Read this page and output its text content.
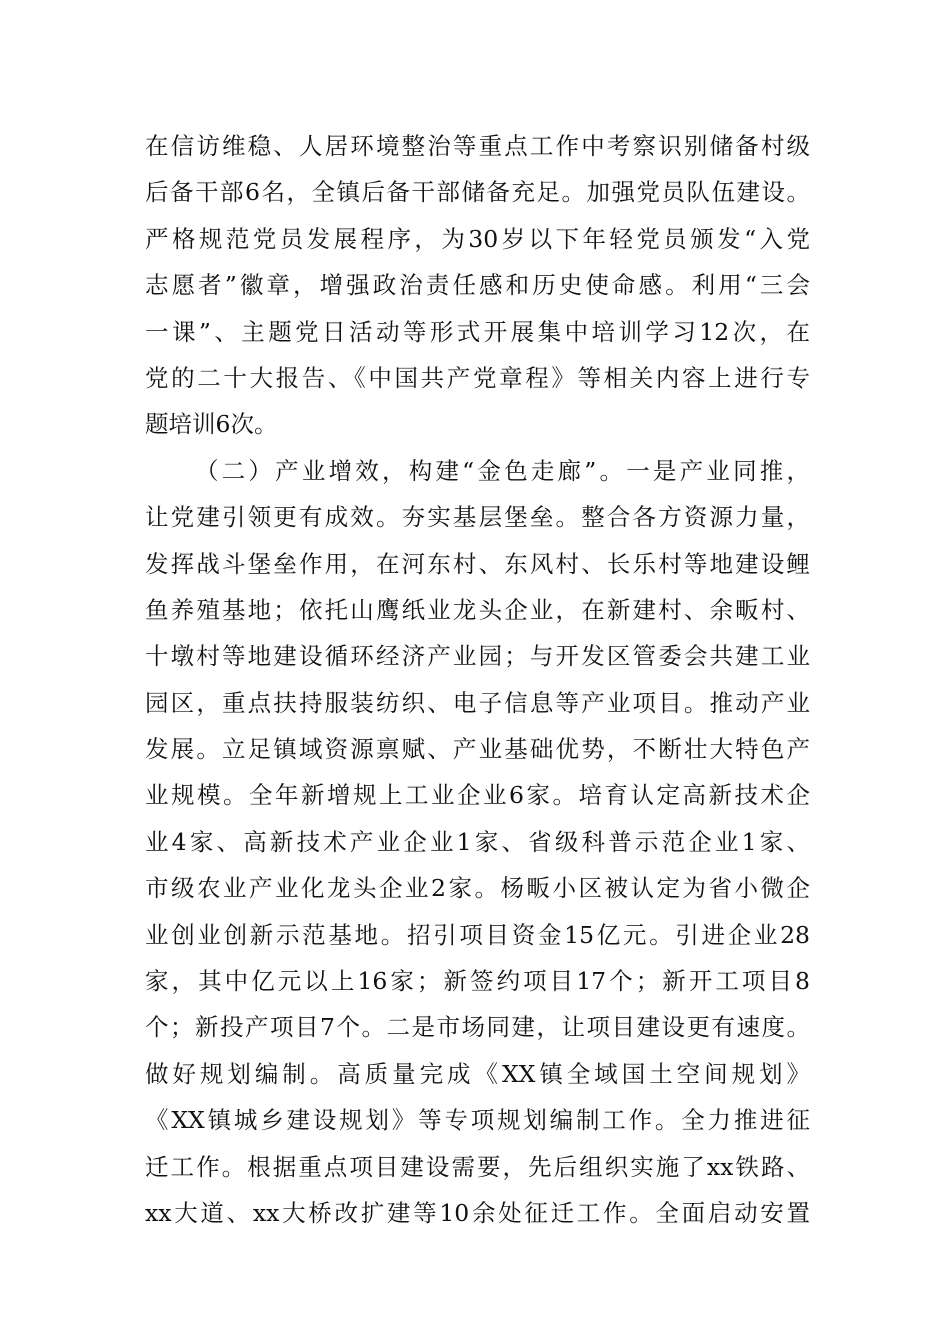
在信访维稳、人居环境整治等重点工作中考察识别储备村级
后备干部6名，全镇后备干部储备充足。加强党员队伍建设。
严格规范党员发展程序，为30岁以下年轻党员颁发“入党
志愿者”徽章，增强政治责任感和历史使命感。利用“三会
一课”、主题党日活动等形式开展集中培训学习12次，在
党的二十大报告、《中国共产党章程》等相关内容上进行专
题培训6次。
（二）产业增效，构建“金色走廊”。一是产业同推，
让党建引领更有成效。夯实基层堡垒。整合各方资源力量，
发挥战斗堡垒作用，在河东村、东风村、长乐村等地建设鲤
鱼养殖基地；依托山鹰纸业龙头企业，在新建村、余畈村、
十墩村等地建设循环经济产业园；与开发区管委会共建工业
园区，重点扶持服装纺织、电子信息等产业项目。推动产业
发展。立足镇域资源禀赋、产业基础优势，不断壮大特色产
业规模。全年新增规上工业企业6家。培育认定高新技术企
业4家、高新技术产业企业1家、省级科普示范企业1家、
市级农业产业化龙头企业2家。杨畈小区被认定为省小微企
业创业创新示范基地。招引项目资金15亿元。引进企业28
家，其中亿元以上16家；新签约项目17个；新开工项目8
个；新投产项目7个。二是市场同建，让项目建设更有速度。
做好规划编制。高质量完成《XX镇全域国土空间规划》
《XX镇城乡建设规划》等专项规划编制工作。全力推进征
迁工作。根据重点项目建设需要，先后组织实施了xx铁路、
xx大道、xx大桥改扩建等10余处征迁工作。全面启动安置
